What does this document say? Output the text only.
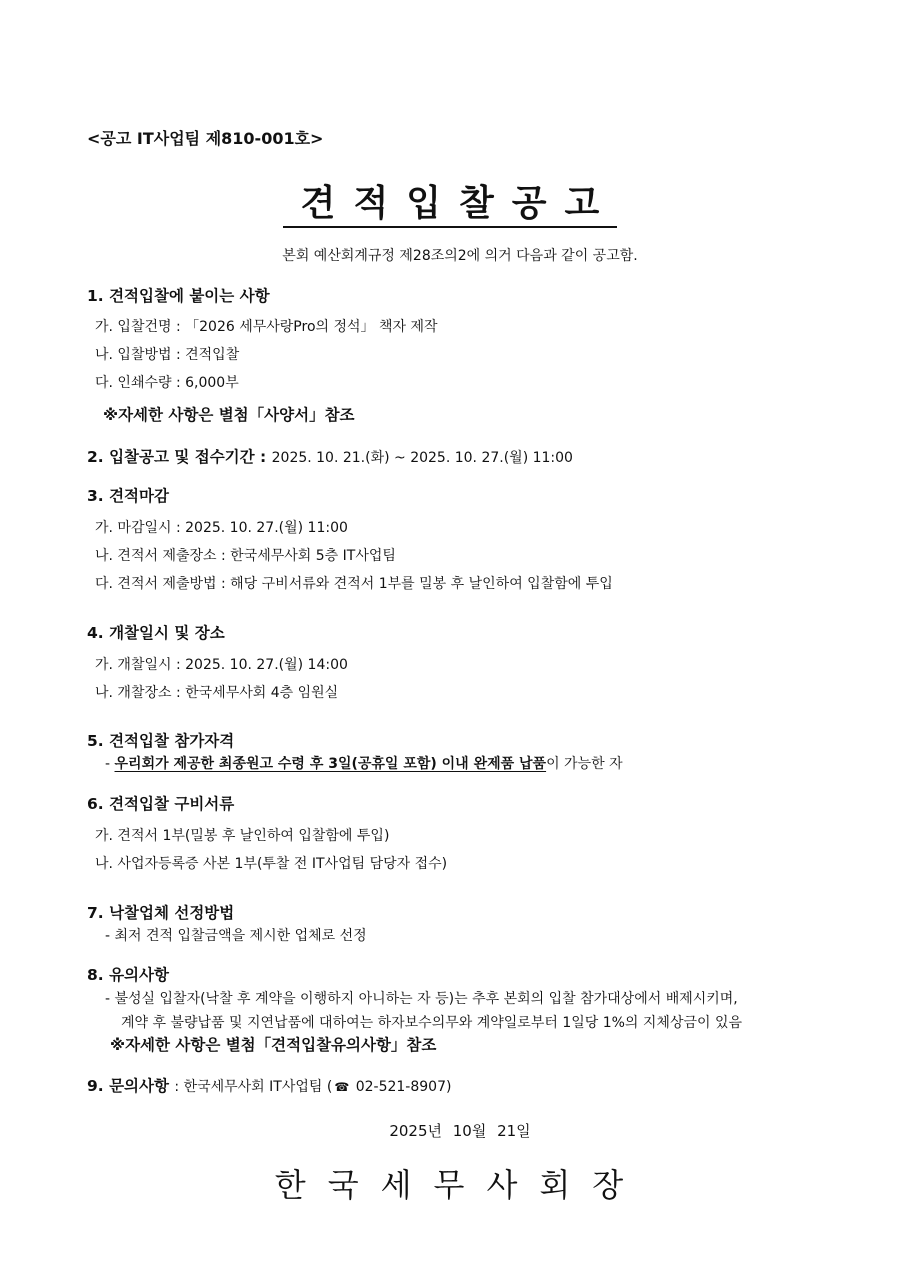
<공고 IT사업팀 제810-001호>
견적입찰공고
본회 예산회계규정 제28조의2에 의거 다음과 같이 공고함.
1. 견적입찰에 붙이는 사항
가. 입찰건명 : 「2026 세무사랑Pro의 정석」 책자 제작
나. 입찰방법 : 견적입찰
다. 인쇄수량 : 6,000부
※자세한 사항은 별첨「사양서」참조
2. 입찰공고 및 접수기간 : 2025. 10. 21.(화) ~ 2025. 10. 27.(월) 11:00
3. 견적마감
가. 마감일시 : 2025. 10. 27.(월) 11:00
나. 견적서 제출장소 : 한국세무사회 5층 IT사업팀
다. 견적서 제출방법 : 해당 구비서류와 견적서 1부를 밀봉 후 날인하여 입찰함에 투입
4. 개찰일시 및 장소
가. 개찰일시 : 2025. 10. 27.(월) 14:00
나. 개찰장소 : 한국세무사회 4층 임원실
5. 견적입찰 참가자격
- 우리회가 제공한 최종원고 수령 후 3일(공휴일 포함) 이내 완제품 납품이 가능한 자
6. 견적입찰 구비서류
가. 견적서 1부(밀봉 후 날인하여 입찰함에 투입)
나. 사업자등록증 사본 1부(투찰 전 IT사업팀 담당자 접수)
7. 낙찰업체 선정방법
- 최저 견적 입찰금액을 제시한 업체로 선정
8. 유의사항
- 불성실 입찰자(낙찰 후 계약을 이행하지 아니하는 자 등)는 추후 본회의 입찰 참가대상에서 배제시키며,
계약 후 불량납품 및 지연납품에 대하여는 하자보수의무와 계약일로부터 1일당 1%의 지체상금이 있음
※자세한 사항은 별첨「견적입찰유의사항」참조
9. 문의사항 : 한국세무사회 IT사업팀 ( ☎ 02-521-8907)
2025년 10월 21일
한국세무사회장
